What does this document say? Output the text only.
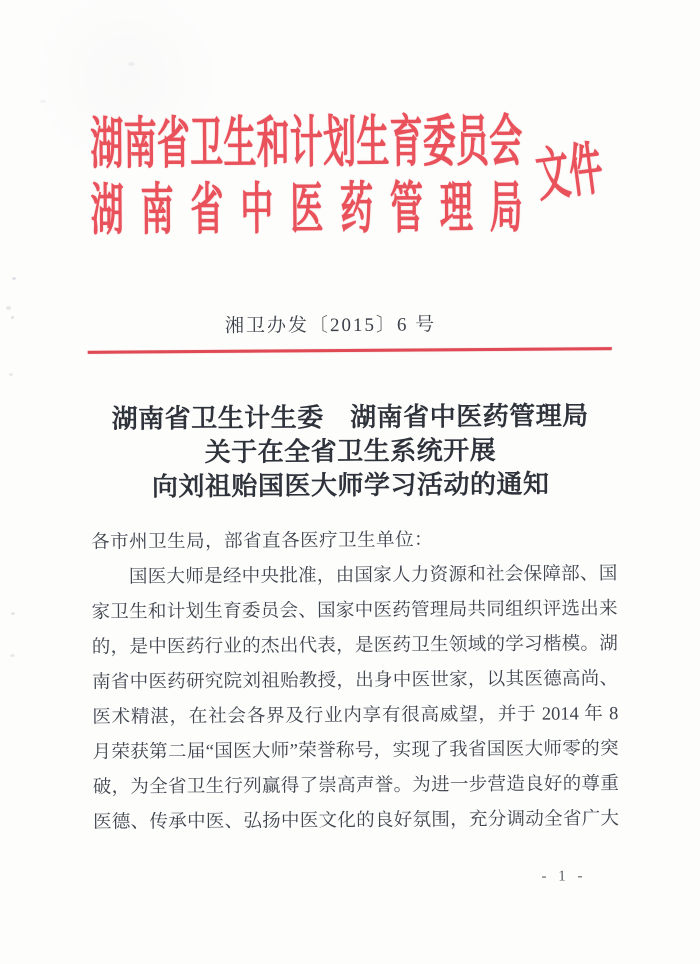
湖南省卫生和计划生育委员会
湖南省中医药管理局
文件
湘卫办发〔2015〕6 号
湖南省卫生计生委　湖南省中医药管理局
关于在全省卫生系统开展
向刘祖贻国医大师学习活动的通知
各市州卫生局，部省直各医疗卫生单位：
　　国医大师是经中央批准，由国家人力资源和社会保障部、国
家卫生和计划生育委员会、国家中医药管理局共同组织评选出来
的，是中医药行业的杰出代表，是医药卫生领域的学习楷模。湖
南省中医药研究院刘祖贻教授，出身中医世家，以其医德高尚、
医术精湛，在社会各界及行业内享有很高威望，并于 2014 年 8
月荣获第二届“国医大师”荣誉称号，实现了我省国医大师零的突
破，为全省卫生行列赢得了崇高声誉。为进一步营造良好的尊重
医德、传承中医、弘扬中医文化的良好氛围，充分调动全省广大
- 1 -
